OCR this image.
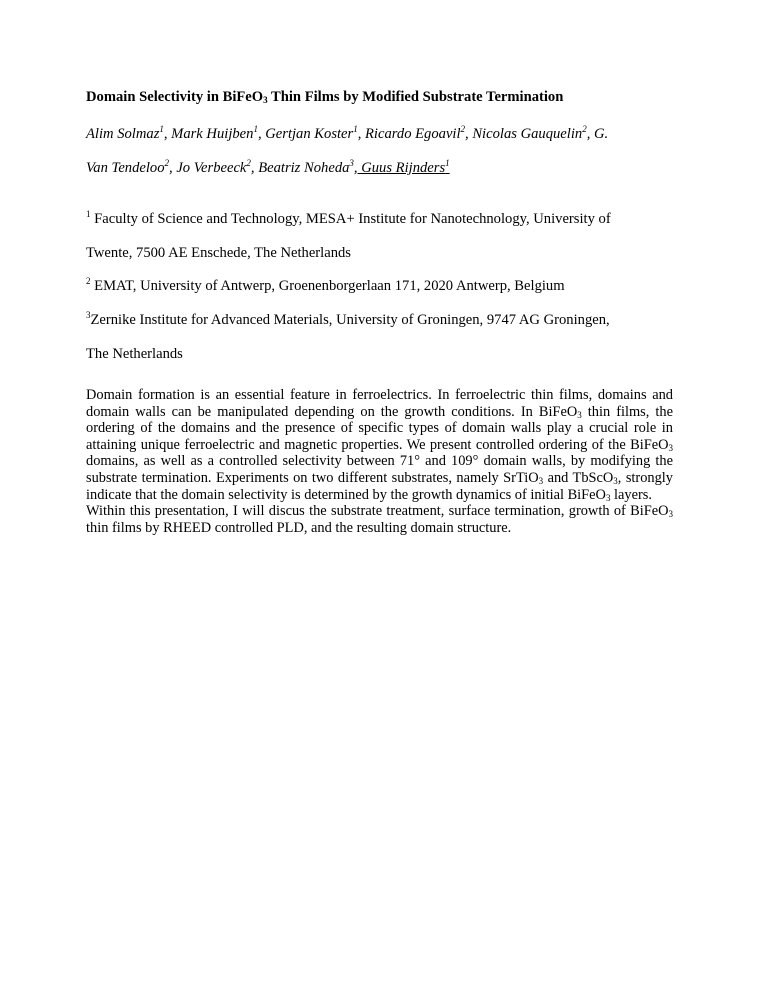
Domain Selectivity in BiFeO$_3$ Thin Films by Modified Substrate Termination
Alim Solmaz$^1$, Mark Huijben$^1$, Gertjan Koster$^1$, Ricardo Egoavil$^2$, Nicolas Gauquelin$^2$, G.
Van Tendeloo$^2$, Jo Verbeeck$^2$, Beatriz Noheda$^3$, Guus Rijnders$^1$
$^1$ Faculty of Science and Technology, MESA+ Institute for Nanotechnology, University of
Twente, 7500 AE Enschede, The Netherlands
$^2$ EMAT, University of Antwerp, Groenenborgerlaan 171, 2020 Antwerp, Belgium
$^3$Zernike Institute for Advanced Materials, University of Groningen, 9747 AG Groningen,
The Netherlands

Domain formation is an essential feature in ferroelectrics. In ferroelectric thin films, domains and domain walls can be manipulated depending on the growth conditions. In BiFeO$_3$ thin films, the ordering of the domains and the presence of specific types of domain walls play a crucial role in attaining unique ferroelectric and magnetic properties. We present controlled ordering of the BiFeO$_3$ domains, as well as a controlled selectivity between 71° and 109° domain walls, by modifying the substrate termination. Experiments on two different substrates, namely SrTiO$_3$ and TbScO$_3$, strongly indicate that the domain selectivity is determined by the growth dynamics of initial BiFeO$_3$ layers.

Within this presentation, I will discus the substrate treatment, surface termination, growth of BiFeO$_3$ thin films by RHEED controlled PLD, and the resulting domain structure.
